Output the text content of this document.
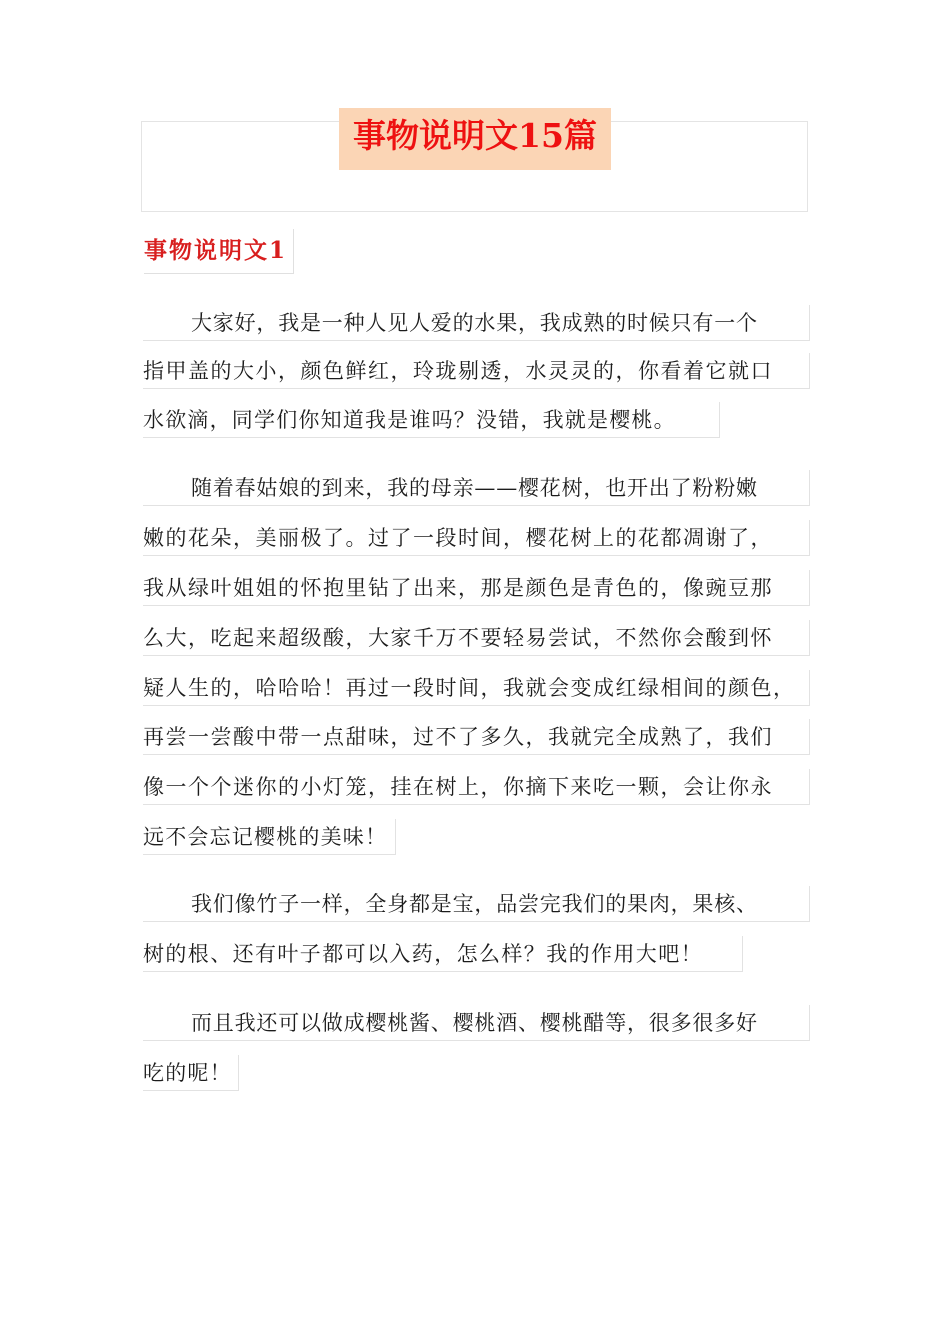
事物说明文15篇
事物说明文1
大家好，我是一种人见人爱的水果，我成熟的时候只有一个
指甲盖的大小，颜色鲜红，玲珑剔透，水灵灵的，你看着它就口
水欲滴，同学们你知道我是谁吗？没错，我就是樱桃。
随着春姑娘的到来，我的母亲——樱花树，也开出了粉粉嫩
嫩的花朵，美丽极了。过了一段时间，樱花树上的花都凋谢了，
我从绿叶姐姐的怀抱里钻了出来，那是颜色是青色的，像豌豆那
么大，吃起来超级酸，大家千万不要轻易尝试，不然你会酸到怀
疑人生的，哈哈哈！再过一段时间，我就会变成红绿相间的颜色，
再尝一尝酸中带一点甜味，过不了多久，我就完全成熟了，我们
像一个个迷你的小灯笼，挂在树上，你摘下来吃一颗，会让你永
远不会忘记樱桃的美味！
我们像竹子一样，全身都是宝，品尝完我们的果肉，果核、
树的根、还有叶子都可以入药，怎么样？我的作用大吧！
而且我还可以做成樱桃酱、樱桃酒、樱桃醋等，很多很多好
吃的呢！
